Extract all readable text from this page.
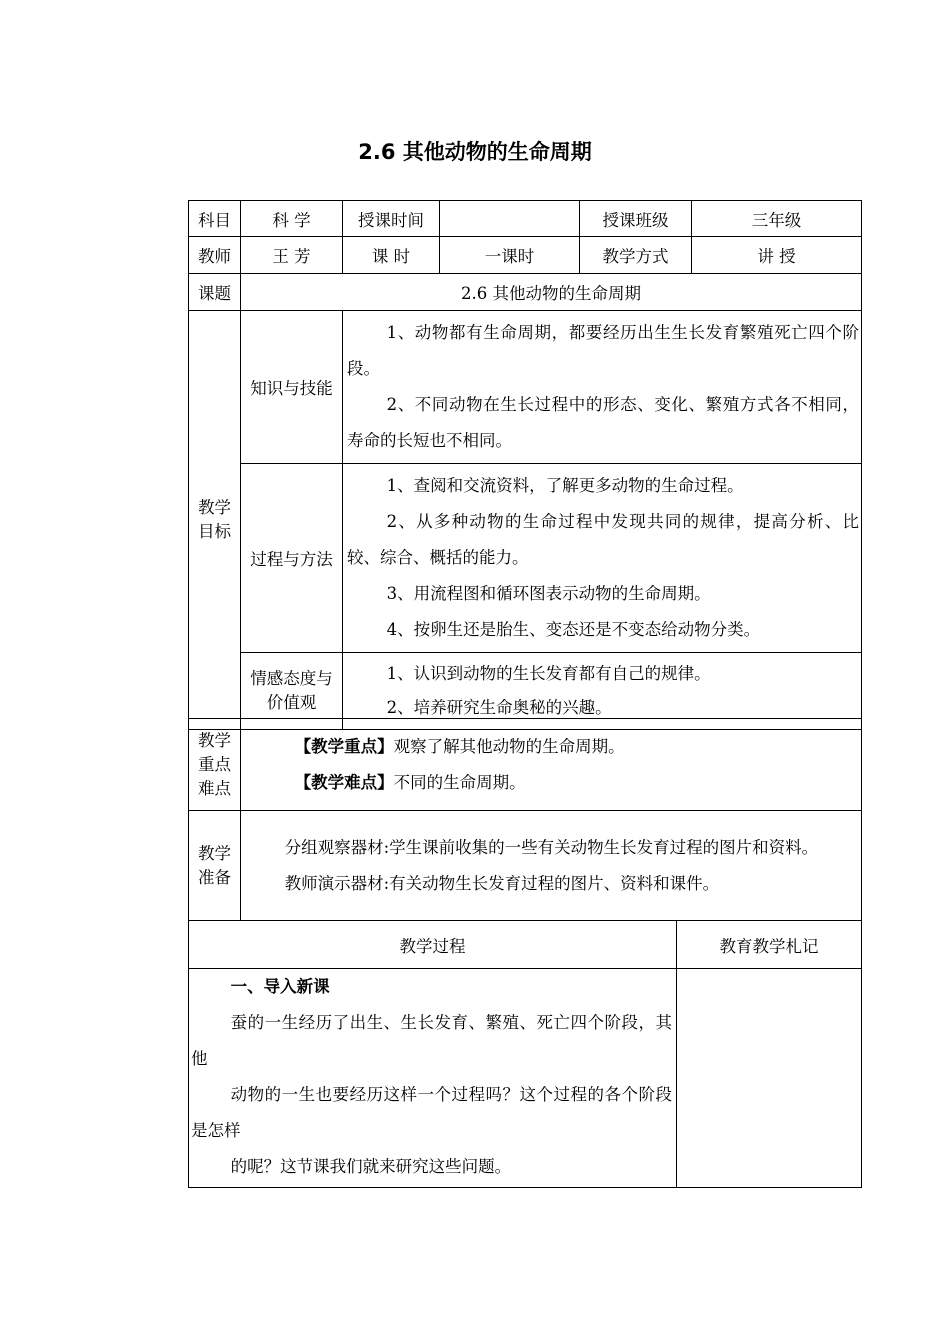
2.6 其他动物的生命周期
科目	科 学	授课时间		授课班级	三年级
教师	王 芳	课 时	一课时	教学方式	讲 授
课题	2.6 其他动物的生命周期				
教学目标	知识与技能	1、动物都有生命周期，都要经历出生生长发育繁殖死亡四个阶段。

2、不同动物在生长过程中的形态、变化、繁殖方式各不相同，寿命的长短也不相同。

	过程与方法	1、查阅和交流资料，了解更多动物的生命过程。

2、从多种动物的生命过程中发现共同的规律，提高分析、比较、综合、概括的能力。

3、用流程图和循环图表示动物的生命周期。

4、按卵生还是胎生、变态还是不变态给动物分类。

	情感态度与价值观	1、认识到动物的生长发育都有自己的规律。

2、培养研究生命奥秘的兴趣。

教学重点难点	【教学重点】观察了解其他动物的生命周期。

【教学难点】不同的生命周期。

教学准备	分组观察器材:学生课前收集的一些有关动物生长发育过程的图片和资料。

教师演示器材:有关动物生长发育过程的图片、资料和课件。

教学过程	教育教学札记

一、导入新课

蚕的一生经历了出生、生长发育、繁殖、死亡四个阶段，其他

动物的一生也要经历这样一个过程吗？这个过程的各个阶段是怎样

的呢？这节课我们就来研究这些问题。	
